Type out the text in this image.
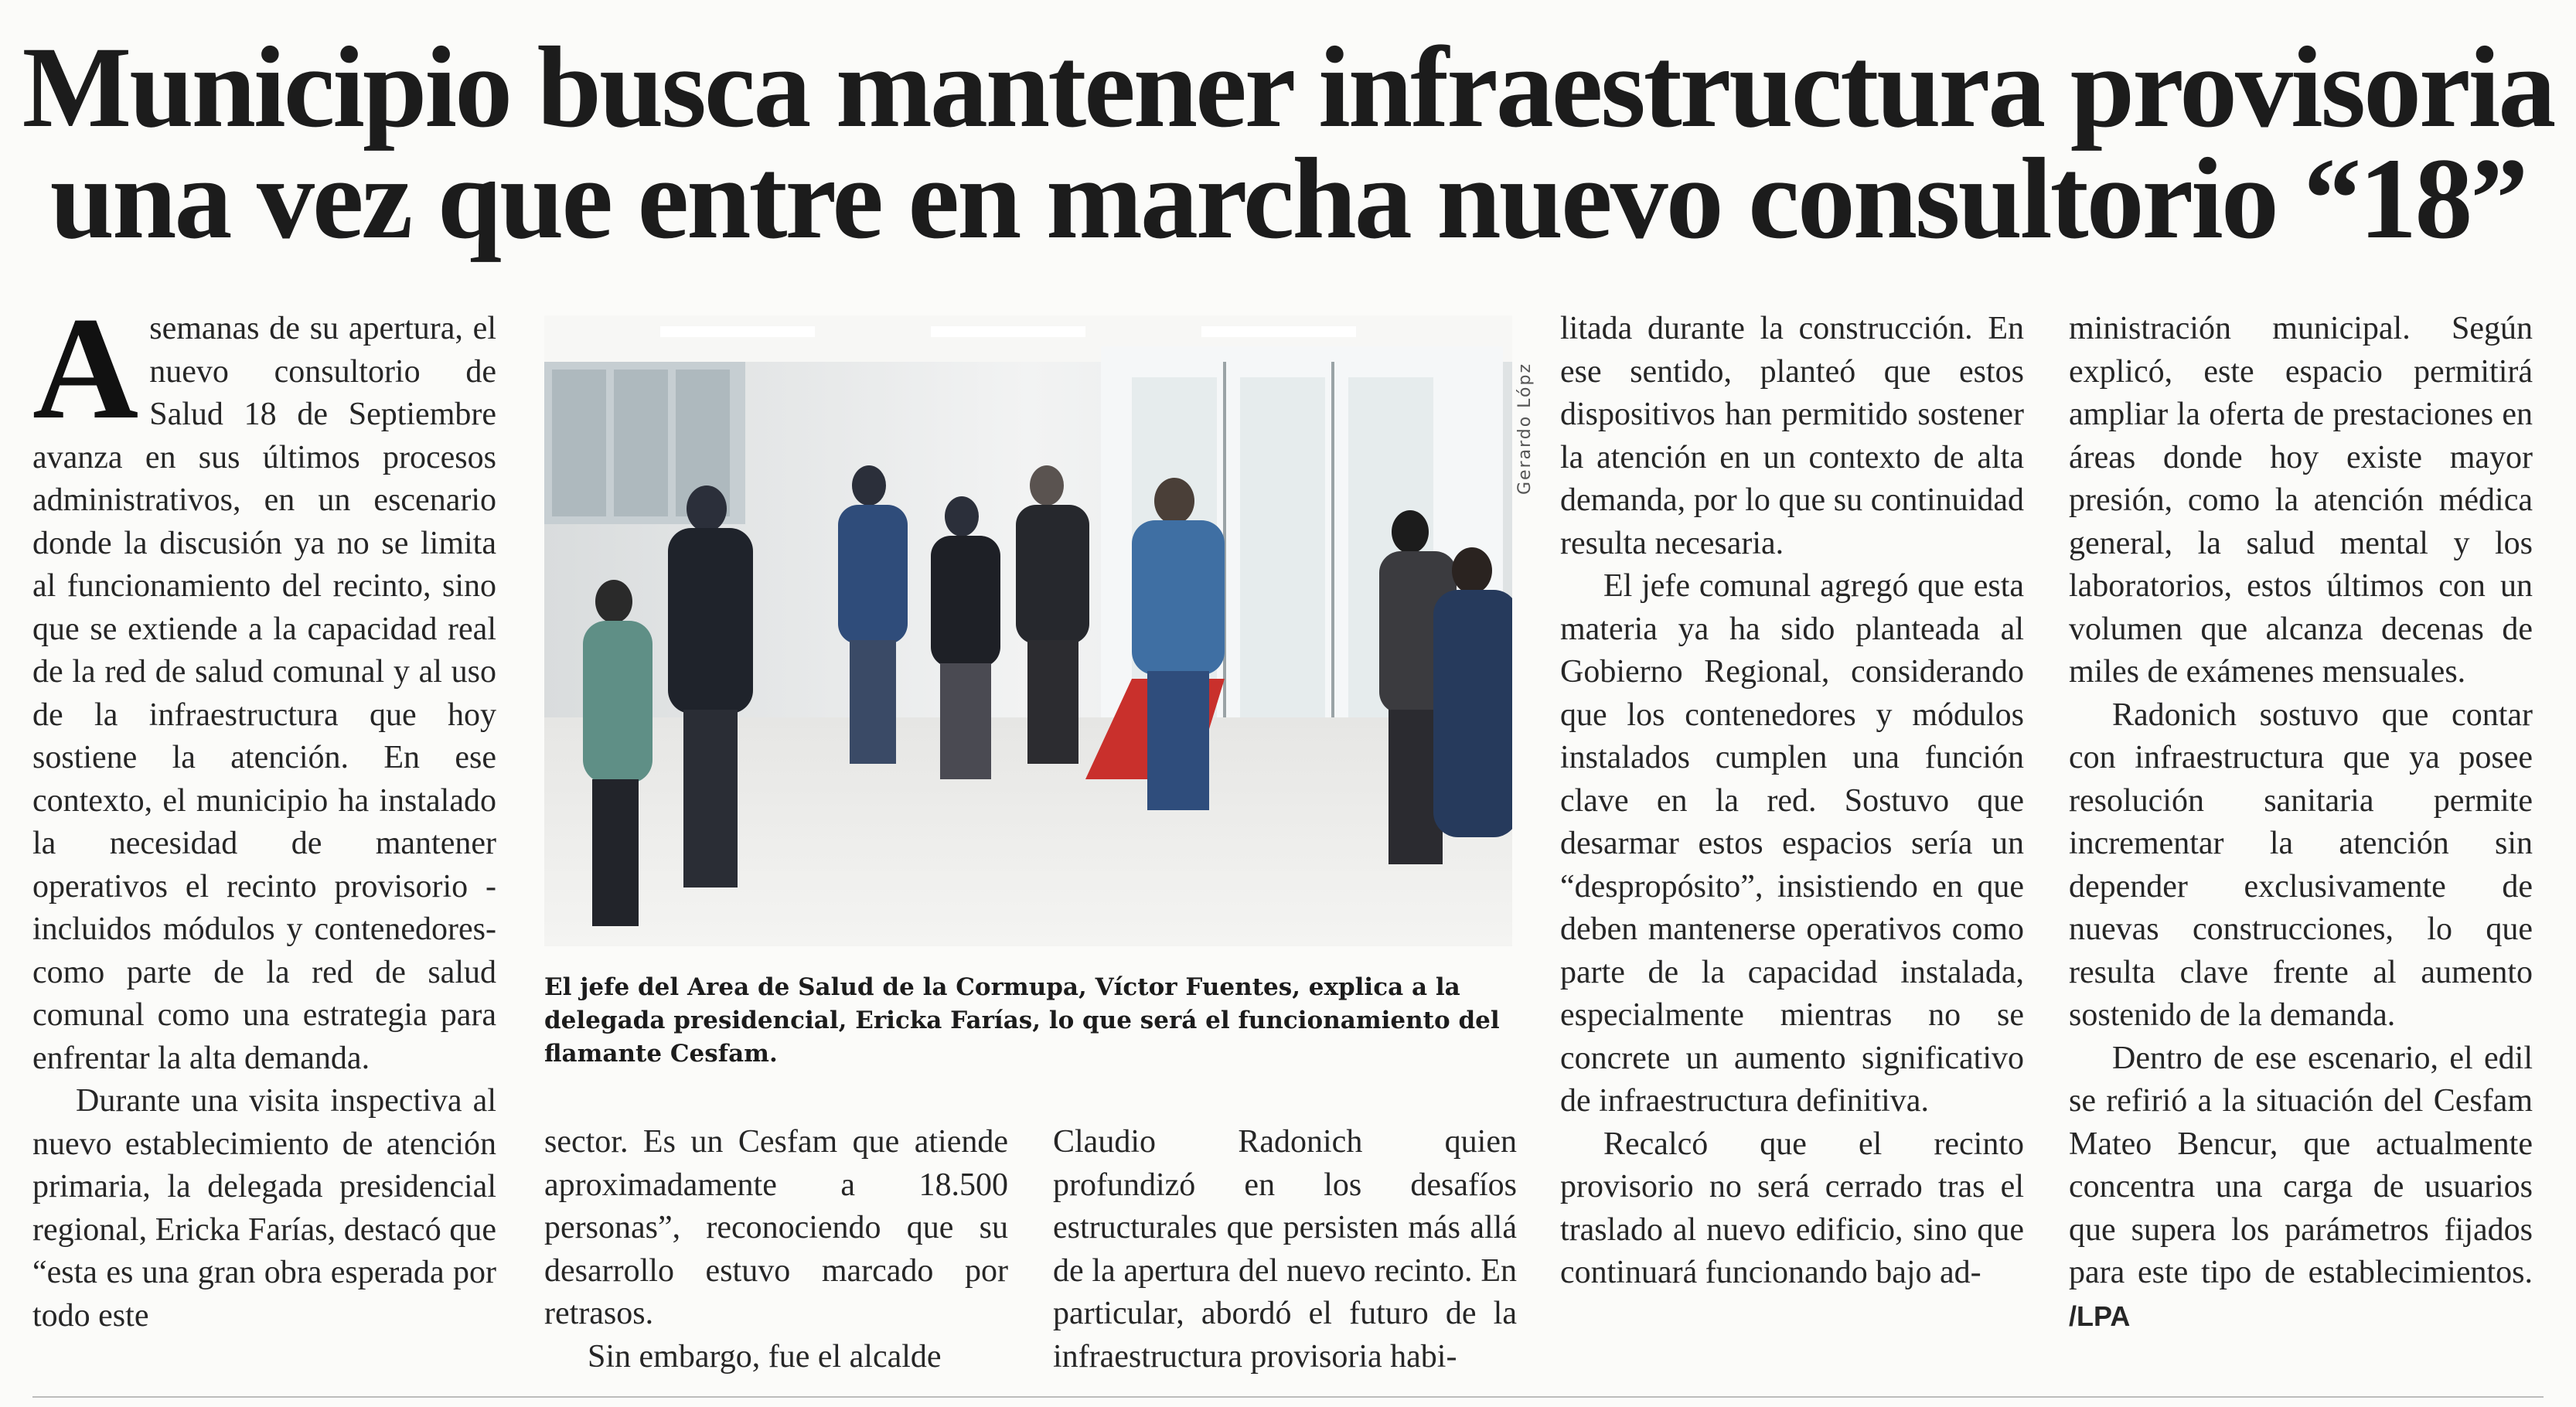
Municipio busca mantener infraestructura provisoria
una vez que entre en marcha nuevo consultorio “18”

Asemanas de su apertura, el nuevo consultorio de Salud 18 de Septiembre avanza en sus últimos procesos administrativos, en un escenario donde la discusión ya no se limita al funcionamiento del recinto, sino que se extiende a la capacidad real de la red de salud comunal y al uso de la infraestructura que hoy sostiene la atención. En ese contexto, el municipio ha instalado la necesidad de mantener operativos el recinto provisorio -incluidos módulos y contenedores- como parte de la red de salud comunal como una estrategia para enfrentar la alta demanda.

Durante una visita inspectiva al nuevo establecimiento de atención primaria, la delegada presidencial regional, Ericka Farías, destacó que “esta es una gran obra esperada por todo este

Gerardo Lópz
El jefe del Area de Salud de la Cormupa, Víctor Fuentes, explica a la
delegada presidencial, Ericka Farías, lo que será el funcionamiento del
flamante Cesfam.

sector. Es un Cesfam que atiende aproximadamente a 18.500 personas”, reconociendo que su desarrollo estuvo marcado por retrasos.

Sin embargo, fue el alcalde

Claudio Radonich quien profundizó en los desafíos estructurales que persisten más allá de la apertura del nuevo recinto. En particular, abordó el futuro de la infraestructura provisoria habi-

litada durante la construcción. En ese sentido, planteó que estos dispositivos han permitido sostener la atención en un contexto de alta demanda, por lo que su continuidad resulta necesaria.

El jefe comunal agregó que esta materia ya ha sido planteada al Gobierno Regional, considerando que los contenedores y módulos instalados cumplen una función clave en la red. Sostuvo que desarmar estos espacios sería un “despropósito”, insistiendo en que deben mantenerse operativos como parte de la capacidad instalada, especialmente mientras no se concrete un aumento significativo de infraestructura definitiva.

Recalcó que el recinto provisorio no será cerrado tras el traslado al nuevo edificio, sino que continuará funcionando bajo ad-

ministración municipal. Según explicó, este espacio permitirá ampliar la oferta de prestaciones en áreas donde hoy existe mayor presión, como la atención médica general, la salud mental y los laboratorios, estos últimos con un volumen que alcanza decenas de miles de exámenes mensuales.

Radonich sostuvo que contar con infraestructura que ya posee resolución sanitaria permite incrementar la atención sin depender exclusivamente de nuevas construcciones, lo que resulta clave frente al aumento sostenido de la demanda.

Dentro de ese escenario, el edil se refirió a la situación del Cesfam Mateo Bencur, que actualmente concentra una carga de usuarios que supera los parámetros fijados para este tipo de establecimientos. /LPA
